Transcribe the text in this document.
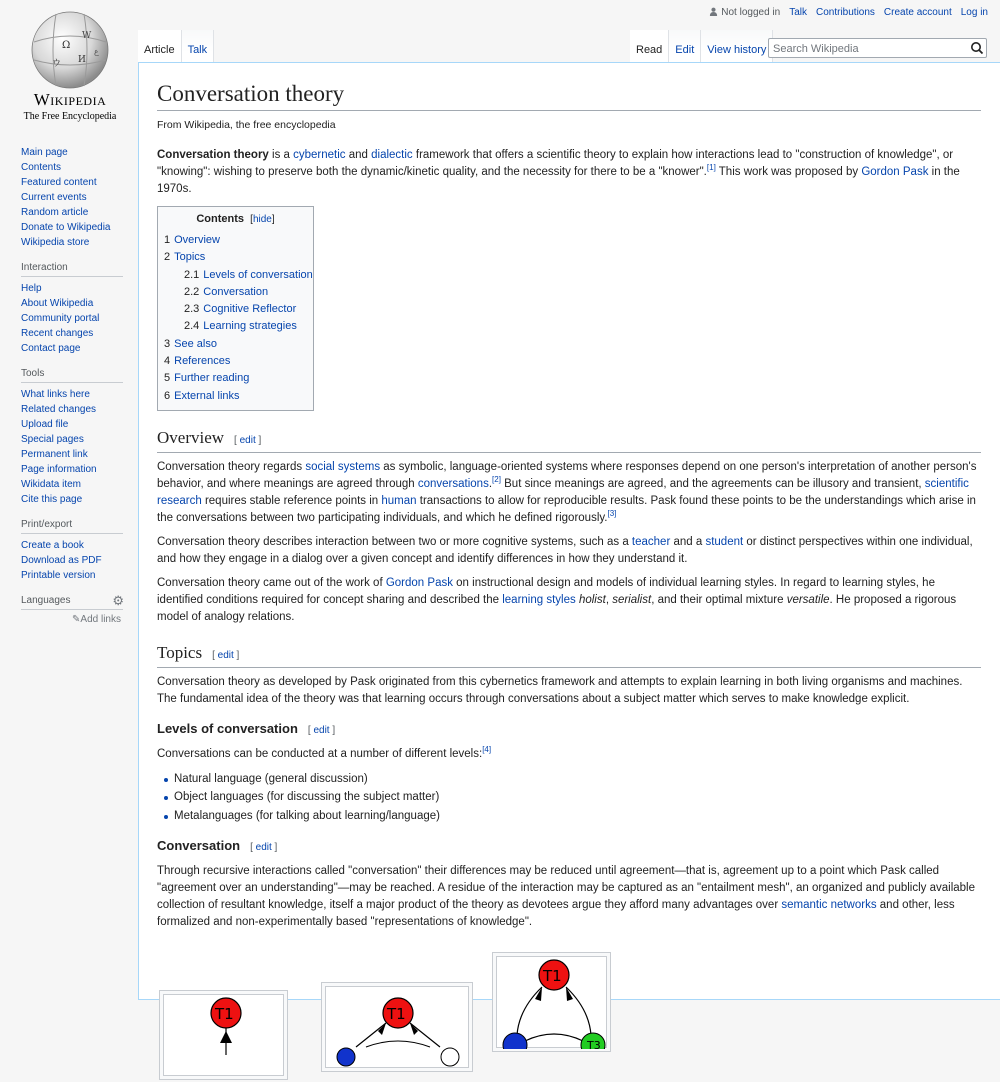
Ω
W
И
ウ
ع
Wikipedia
The Free Encyclopedia
Main page
Contents
Featured content
Current events
Random article
Donate to Wikipedia
Wikipedia store
Interaction
Help
About Wikipedia
Community portal
Recent changes
Contact page
Tools
What links here
Related changes
Upload file
Special pages
Permanent link
Page information
Wikidata item
Cite this page
Print/export
Create a book
Download as PDF
Printable version
Languages	⚙
✎Add links
Not logged in Talk Contributions Create account Log in
Article	Talk	Read	Edit	View history
Search Wikipedia
Conversation theory
From Wikipedia, the free encyclopedia

Conversation theory is a cybernetic and dialectic framework that offers a scientific theory to explain how interactions lead to "construction of knowledge", or "knowing": wishing to preserve both the dynamic/kinetic quality, and the necessity for there to be a "knower".[1] This work was proposed by Gordon Pask in the 1970s.

Contents [hide]
1 Overview
2 Topics
2.1 Levels of conversation
2.2 Conversation
2.3 Cognitive Reflector
2.4 Learning strategies
3 See also
4 References
5 Further reading
6 External links
Overview [ edit ]

Conversation theory regards social systems as symbolic, language-oriented systems where responses depend on one person's interpretation of another person's behavior, and where meanings are agreed through conversations.[2] But since meanings are agreed, and the agreements can be illusory and transient, scientific research requires stable reference points in human transactions to allow for reproducible results. Pask found these points to be the understandings which arise in the conversations between two participating individuals, and which he defined rigorously.[3]

Conversation theory describes interaction between two or more cognitive systems, such as a teacher and a student or distinct perspectives within one individual, and how they engage in a dialog over a given concept and identify differences in how they understand it.

Conversation theory came out of the work of Gordon Pask on instructional design and models of individual learning styles. In regard to learning styles, he identified conditions required for concept sharing and described the learning styles holist, serialist, and their optimal mixture versatile. He proposed a rigorous model of analogy relations.

Topics [ edit ]

Conversation theory as developed by Pask originated from this cybernetics framework and attempts to explain learning in both living organisms and machines. The fundamental idea of the theory was that learning occurs through conversations about a subject matter which serves to make knowledge explicit.

Levels of conversation [ edit ]

Conversations can be conducted at a number of different levels:[4]

Natural language (general discussion)
Object languages (for discussing the subject matter)
Metalanguages (for talking about learning/language)
Conversation [ edit ]

Through recursive interactions called "conversation" their differences may be reduced until agreement—that is, agreement up to a point which Pask called "agreement over an understanding"—may be reached. A residue of the interaction may be captured as an "entailment mesh", an organized and publicly available collection of resultant knowledge, itself a major product of the theory as devotees argue they afford many advantages over semantic networks and other, less formalized and non-experimentally based "representations of knowledge".

T1	T1
T1
T3
